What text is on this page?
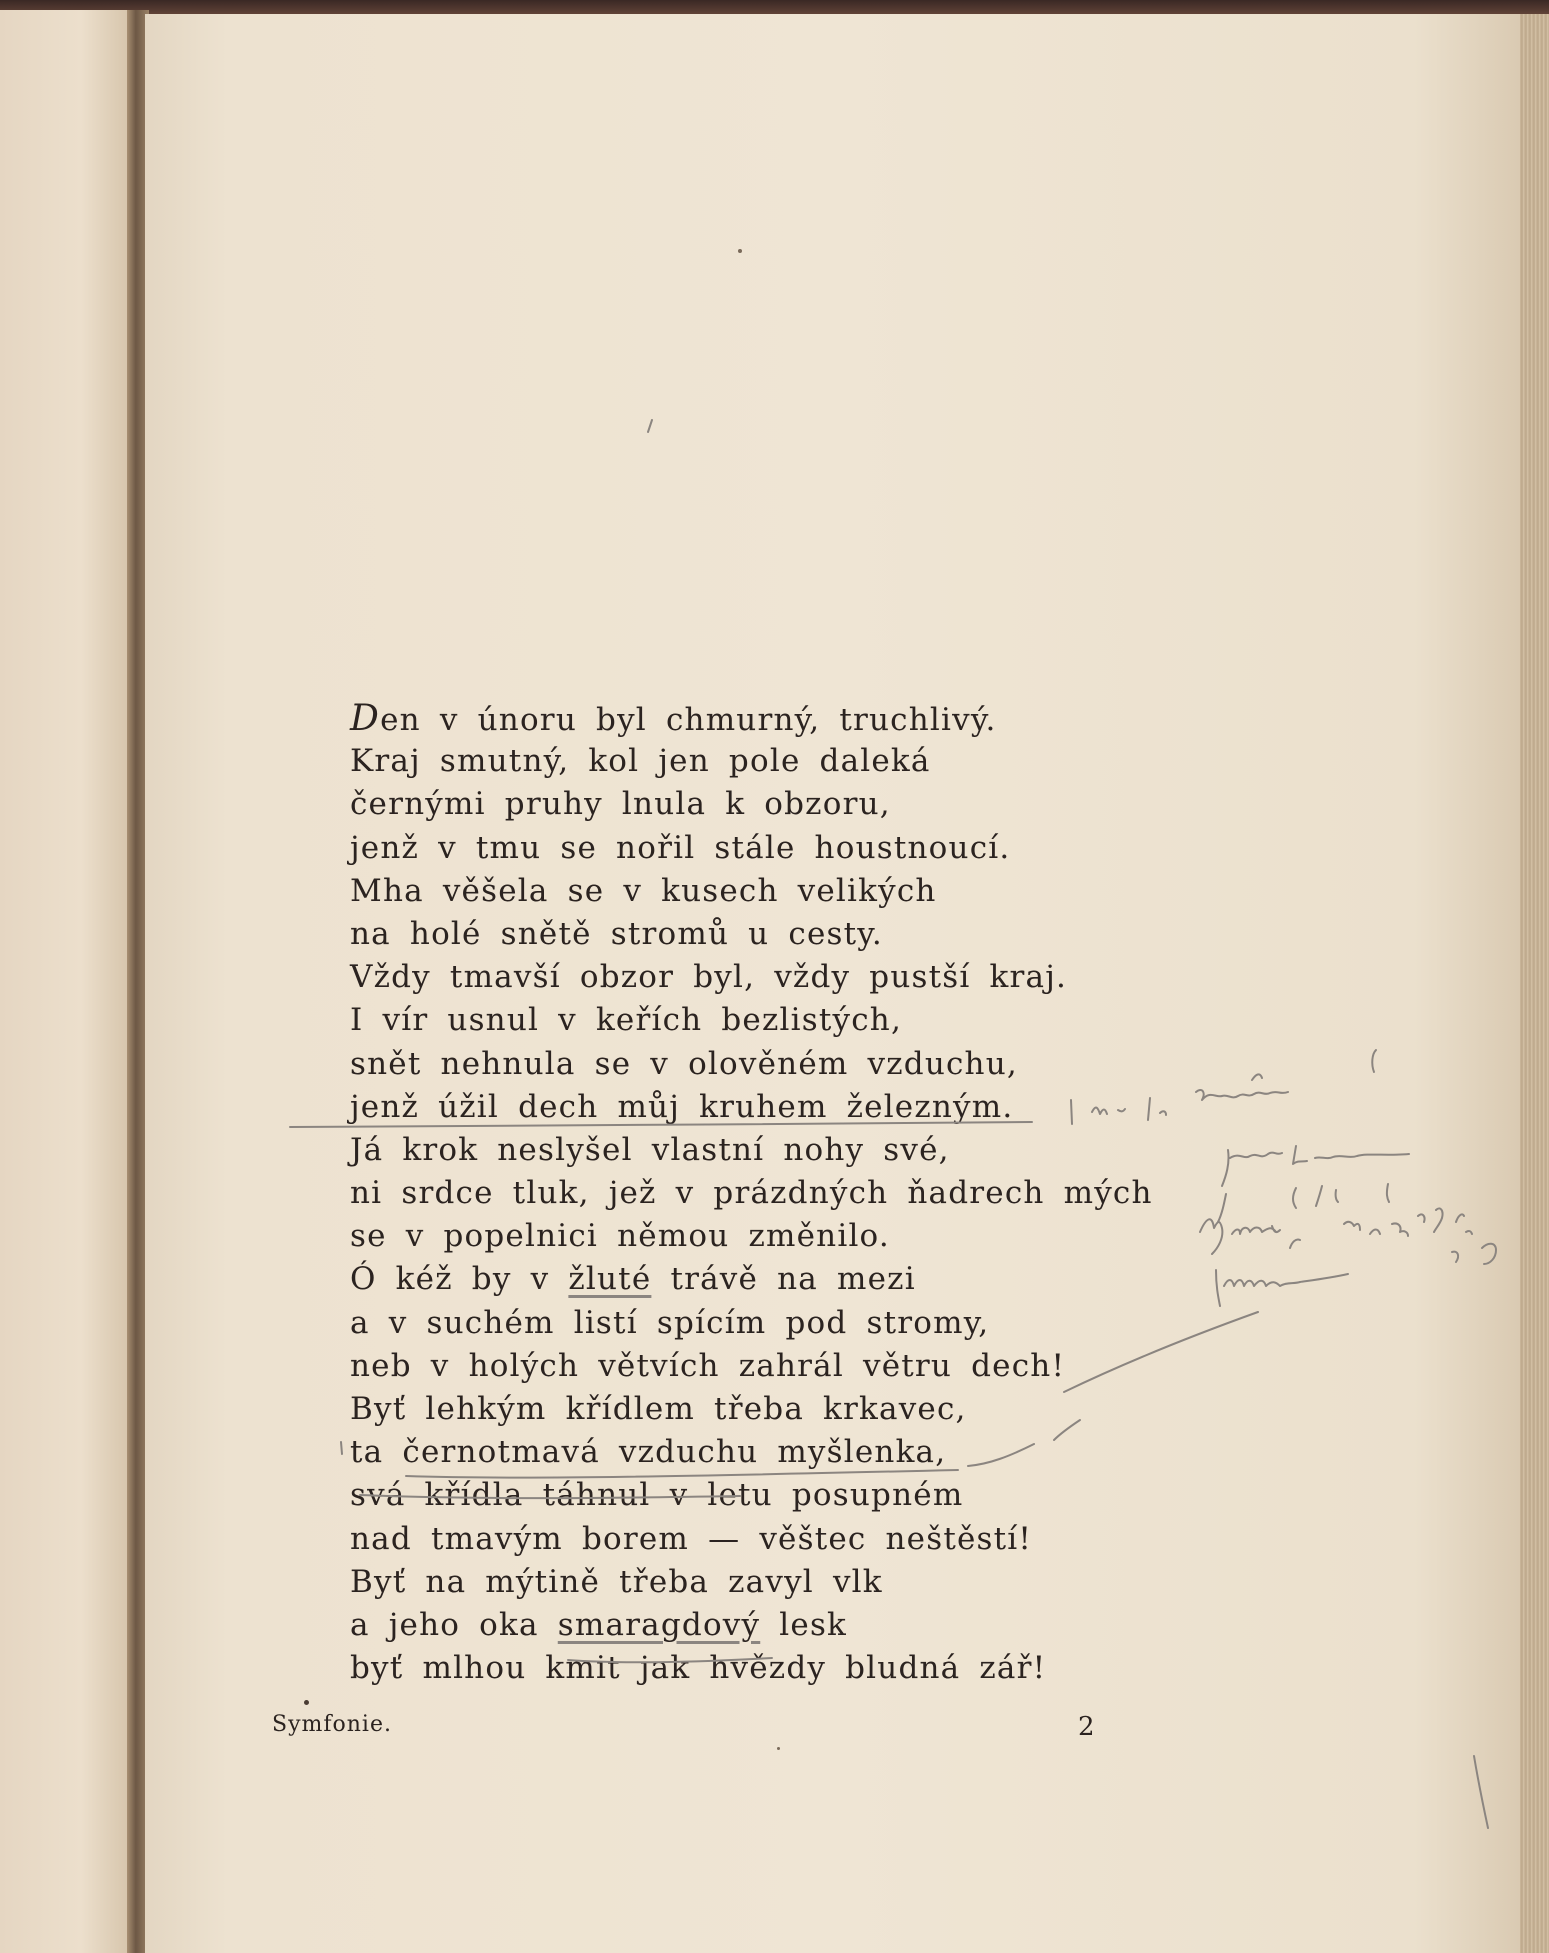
Den v únoru byl chmurný, truchlivý.
Kraj smutný, kol jen pole daleká
černými pruhy lnula k obzoru,
jenž v tmu se nořil stále houstnoucí.
Mha věšela se v kusech velikých
na holé snětě stromů u cesty.
Vždy tmavší obzor byl, vždy pustší kraj.
I vír usnul v keřích bezlistých,
snět nehnula se v olověném vzduchu,
jenž úžil dech můj kruhem železným.
Já krok neslyšel vlastní nohy své,
ni srdce tluk, jež v prázdných ňadrech mých
se v popelnici němou změnilo.
Ó kéž by v žluté trávě na mezi
a v suchém listí spícím pod stromy,
neb v holých větvích zahrál větru dech!
Byť lehkým křídlem třeba krkavec,
ta černotmavá vzduchu myšlenka,
svá křídla táhnul v letu posupném
nad tmavým borem — věštec neštěstí!
Byť na mýtině třeba zavyl vlk
a jeho oka smaragdový lesk
byť mlhou kmit jak hvězdy bludná zář!
Symfonie.	2
